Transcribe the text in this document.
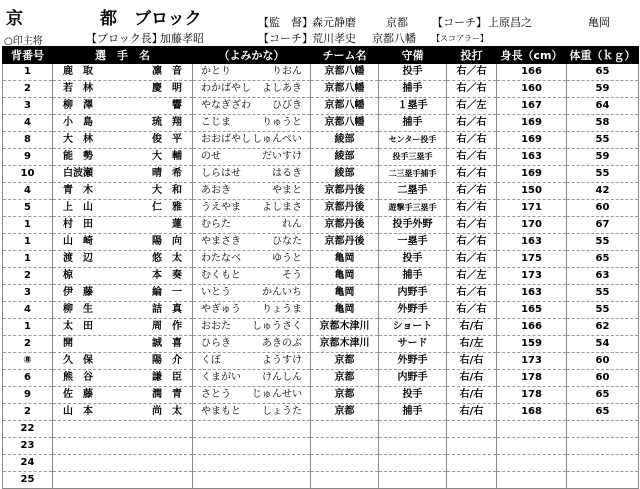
京	都 ブロック
○印主将	【ブロック長】
加藤孝昭
【監　督】 森元静磨	京都 【コーチ】 上原昌之	亀岡
【コーチ】 荒川孝史 京都八幡 【スコアラー】
背番号	選　手　名	（よみかな）	チーム名	守備	投打	身長（cm）	体重（ｋｇ）
1	鹿　取 凛　音	かとり りおん	京都八幡	投手	右／右	166	65
2	若　林 慶　明	わかばやし よしあき	京都八幡	捕手	右／右	160	59
3	柳　澤 響	やなぎざわ ひびき	京都八幡	１塁手	右／左	167	64
4	小　島 琉　翔	こじま りゅうと	京都八幡	捕手	右／右	169	58
8	大　林 俊　平	おおばやし しゅんぺい	綾部	センター投手	右／右	169	55
9	能　勢 大　輔	のせ だいすけ	綾部	投手三塁手	右／右	163	59
10	白波瀬 晴　希	しらはせ はるき	綾部	二三塁手捕手	右／右	169	55
4	青　木 大　和	あおき やまと	京都丹後	二塁手	右／右	150	42
5	上　山 仁　雅	うえやま よしまさ	京都丹後	遊撃手三塁手	右／右	171	60
1	村　田 蓮	むらた れん	京都丹後	投手外野	右／右	170	67
1	山　崎 陽　向	やまさき ひなた	京都丹後	一塁手	右／右	163	55
1	渡　辺 悠　太	わたなべ ゆうと	亀岡	投手	右／右	175	65
2	椋 本　奏	むくもと そう	亀岡	捕手	右／左	173	63
3	伊　藤 綸　一	いとう かんいち	亀岡	内野手	右／右	163	55
4	柳　生 詰　真	やぎゅう りょうま	亀岡	外野手	右／右	165	55
1	太　田 周　作	おおた しゅうさく	京都木津川	ショート	右/右	166	62
2	開 誠　喜	ひらき あきのぶ	京都木津川	サード	右/左	159	54
⑧	久　保 陽　介	くぼ ようすけ	京都	外野手	右/右	173	60
6	熊　谷 謙　臣	くまがい けんしん	京都	内野手	右/右	178	60
9	佐　藤 潤　青	さとう じゅんせい	京都	投手	右/右	178	65
2	山　本 尚　太	やまもと しょうた	京都	捕手	右/右	168	65
22	

23	

24	

25	
